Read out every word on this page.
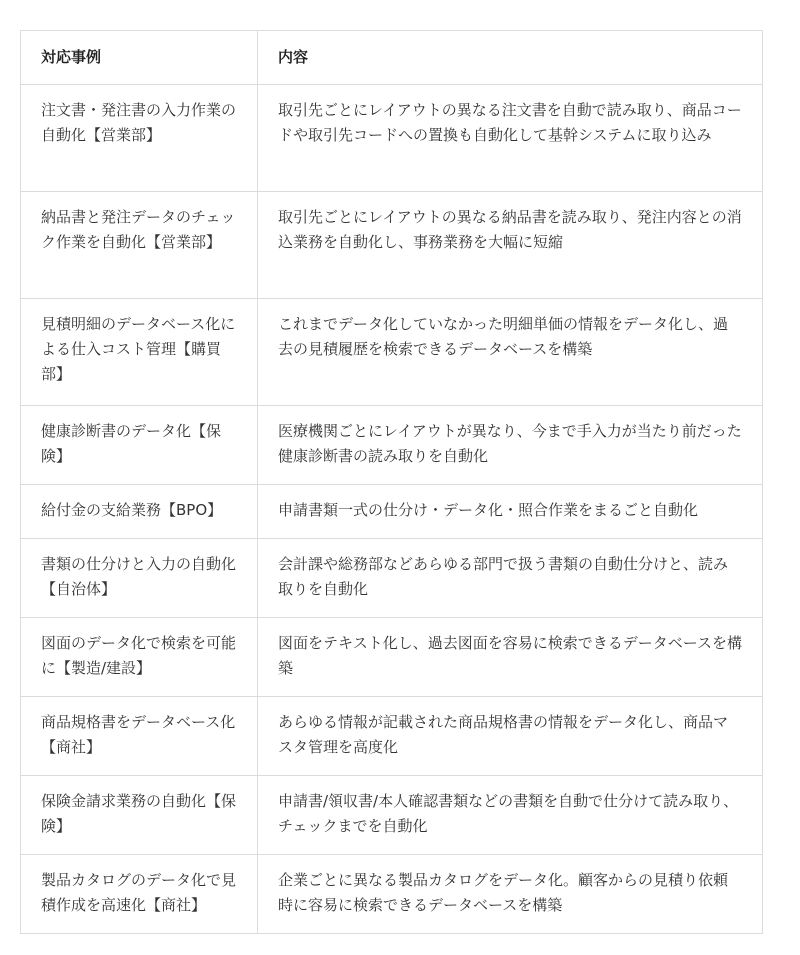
対応事例	内容
注文書・発注書の入力作業の自動化【営業部】	取引先ごとにレイアウトの異なる注文書を自動で読み取り、商品コードや取引先コードへの置換も自動化して基幹システムに取り込み
納品書と発注データのチェック作業を自動化【営業部】	取引先ごとにレイアウトの異なる納品書を読み取り、発注内容との消込業務を自動化し、事務業務を大幅に短縮
見積明細のデータベース化による仕入コスト管理【購買部】	これまでデータ化していなかった明細単価の情報をデータ化し、過去の見積履歴を検索できるデータベースを構築
健康診断書のデータ化【保険】	医療機関ごとにレイアウトが異なり、今まで手入力が当たり前だった健康診断書の読み取りを自動化
給付金の支給業務【BPO】	申請書類一式の仕分け・データ化・照合作業をまるごと自動化
書類の仕分けと入力の自動化【自治体】	会計課や総務部などあらゆる部門で扱う書類の自動仕分けと、読み取りを自動化
図面のデータ化で検索を可能に【製造/建設】	図面をテキスト化し、過去図面を容易に検索できるデータベースを構築
商品規格書をデータベース化【商社】	あらゆる情報が記載された商品規格書の情報をデータ化し、商品マスタ管理を高度化
保険金請求業務の自動化【保険】	申請書/領収書/本人確認書類などの書類を自動で仕分けて読み取り、チェックまでを自動化
製品カタログのデータ化で見積作成を高速化【商社】	企業ごとに異なる製品カタログをデータ化。顧客からの見積り依頼時に容易に検索できるデータベースを構築
